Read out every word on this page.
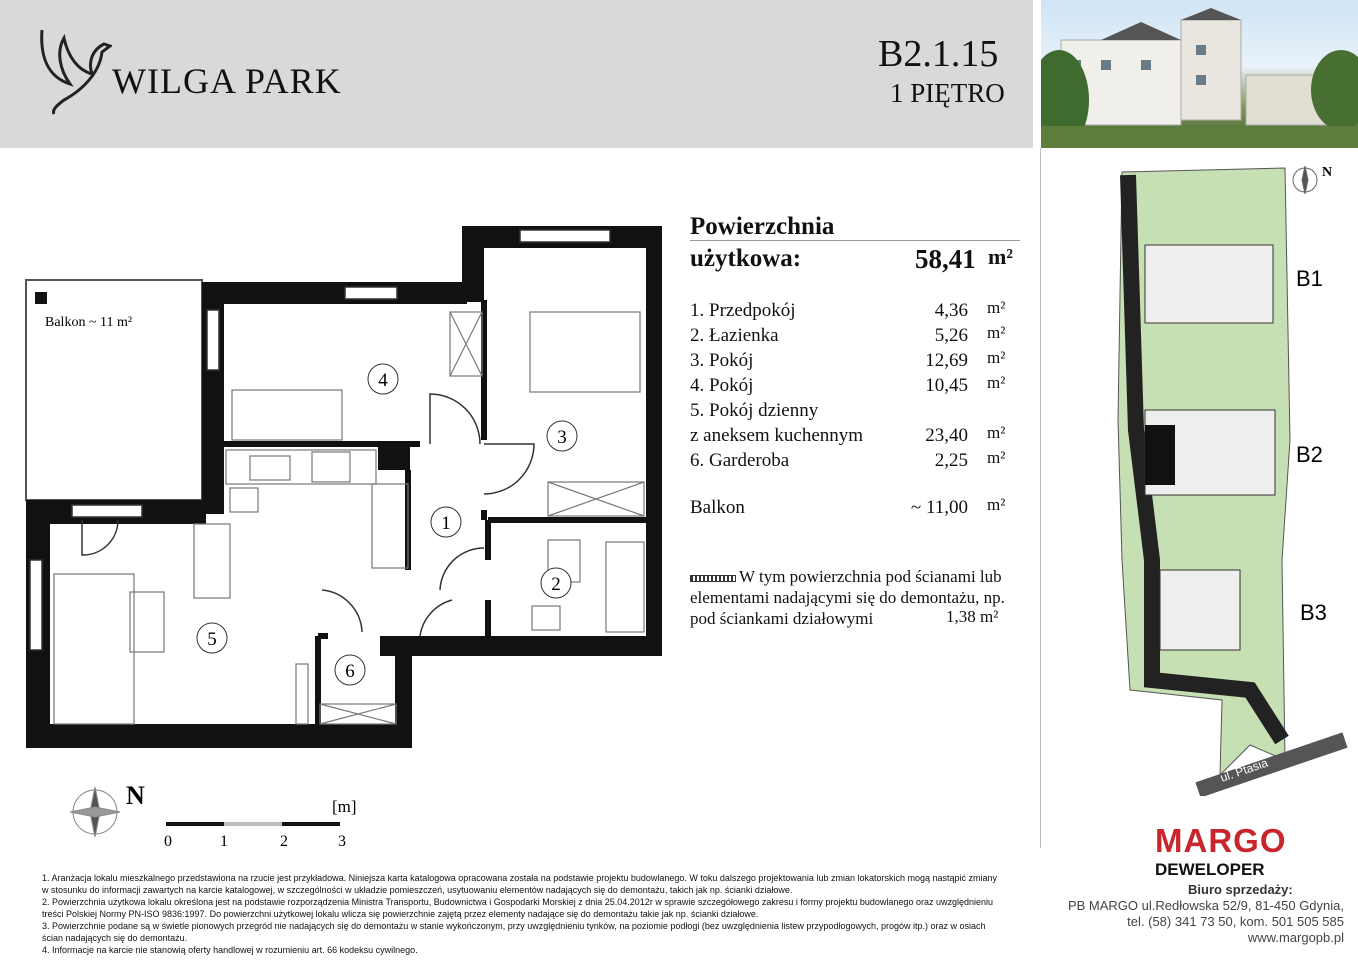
WILGA PARK
B2.1.15
1 PIĘTRO
Powierzchnia
użytkowa:	58,41 m²
1. Przedpokój	4,36 m²
2. Łazienka	5,26 m²
3. Pokój	12,69 m²
4. Pokój	10,45 m²
5. Pokój dzienny
z aneksem kuchennym	23,40 m²
6. Garderoba	2,25 m²
Balkon	~ 11,00 m²
W tym powierzchnia pod ścianami lub
elementami nadającymi się do demontażu, np.
pod ściankami działowymi	1,38 m²
Balkon ~ 11 m²
1
2
3
4
5
6
N	[m]
0	1	2	3
ul. Ptasia
N
B1
B2
B3

1. Aranżacja lokalu mieszkalnego przedstawiona na rzucie jest przykładowa. Niniejsza karta katalogowa opracowana została na podstawie projektu budowlanego. W toku dalszego projektowania lub zmian lokatorskich mogą nastąpić zmiany w stosunku do informacji zawartych na karcie katalogowej, w szczególności w układzie pomieszczeń, usytuowaniu elementów nadających się do demontażu, takich jak np. ścianki działowe.

2. Powierzchnia użytkowa lokalu określona jest na podstawie rozporządzenia Ministra Transportu, Budownictwa i Gospodarki Morskiej z dnia 25.04.2012r w sprawie szczegółowego zakresu i formy projektu budowlanego oraz uwzględnieniu treści Polskiej Normy PN-ISO 9836:1997. Do powierzchni użytkowej lokalu wlicza się powierzchnie zajętą przez elementy nadające się do demontażu takie jak np. ścianki działowe.

3. Powierzchnie podane są w świetle pionowych przegród nie nadających się do demontażu w stanie wykończonym, przy uwzględnieniu tynków, na poziomie podłogi (bez uwzględnienia listew przypodłogowych, progów itp.) oraz w osiach ścian nadających się do demontażu.

4. Informacje na karcie nie stanowią oferty handlowej w rozumieniu art. 66 kodeksu cywilnego.

MARGO
DEWELOPER
Biuro sprzedaży:
PB MARGO ul.Redłowska 52/9, 81-450 Gdynia,
tel. (58) 341 73 50, kom. 501 505 585
www.margopb.pl
